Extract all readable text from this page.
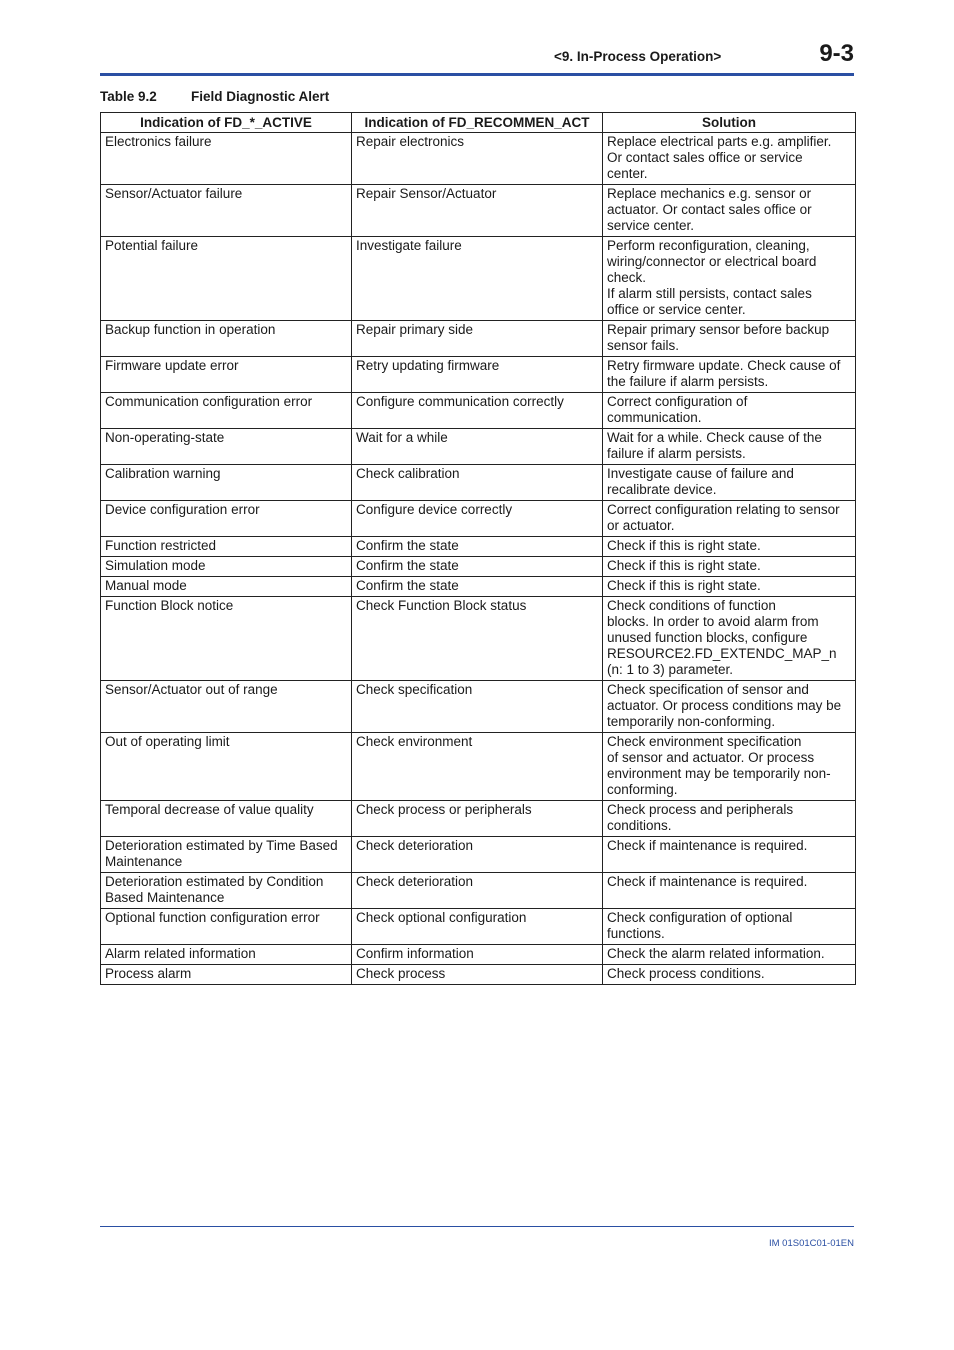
<9. In-Process Operation>	9-3
Table 9.2	Field Diagnostic Alert
Indication of FD_*_ACTIVE	Indication of FD_RECOMMEN_ACT	Solution
Electronics failure	Repair electronics	Replace electrical parts e.g. amplifier.
Or contact sales office or service
center.
Sensor/Actuator failure	Repair Sensor/Actuator	Replace mechanics e.g. sensor or
actuator. Or contact sales office or
service center.
Potential failure	Investigate failure	Perform reconfiguration, cleaning,
wiring/connector or electrical board
check.
If alarm still persists, contact sales
office or service center.
Backup function in operation	Repair primary side	Repair primary sensor before backup
sensor fails.
Firmware update error	Retry updating firmware	Retry firmware update. Check cause of
the failure if alarm persists.
Communication configuration error	Configure communication correctly	Correct configuration of
communication.
Non-operating-state	Wait for a while	Wait for a while. Check cause of the
failure if alarm persists.
Calibration warning	Check calibration	Investigate cause of failure and
recalibrate device.
Device configuration error	Configure device correctly	Correct configuration relating to sensor
or actuator.
Function restricted	Confirm the state	Check if this is right state.
Simulation mode	Confirm the state	Check if this is right state.
Manual mode	Confirm the state	Check if this is right state.
Function Block notice	Check Function Block status	Check conditions of function
blocks. In order to avoid alarm from
unused function blocks, configure
RESOURCE2.FD_EXTENDC_MAP_n
(n: 1 to 3) parameter.
Sensor/Actuator out of range	Check specification	Check specification of sensor and
actuator. Or process conditions may be
temporarily non-conforming.
Out of operating limit	Check environment	Check environment specification
of sensor and actuator. Or process
environment may be temporarily non-
conforming.
Temporal decrease of value quality	Check process or peripherals	Check process and peripherals
conditions.
Deterioration estimated by Time Based
Maintenance	Check deterioration	Check if maintenance is required.
Deterioration estimated by Condition
Based Maintenance	Check deterioration	Check if maintenance is required.
Optional function configuration error	Check optional configuration	Check configuration of optional
functions.
Alarm related information	Confirm information	Check the alarm related information.
Process alarm	Check process	Check process conditions.
IM 01S01C01-01EN
